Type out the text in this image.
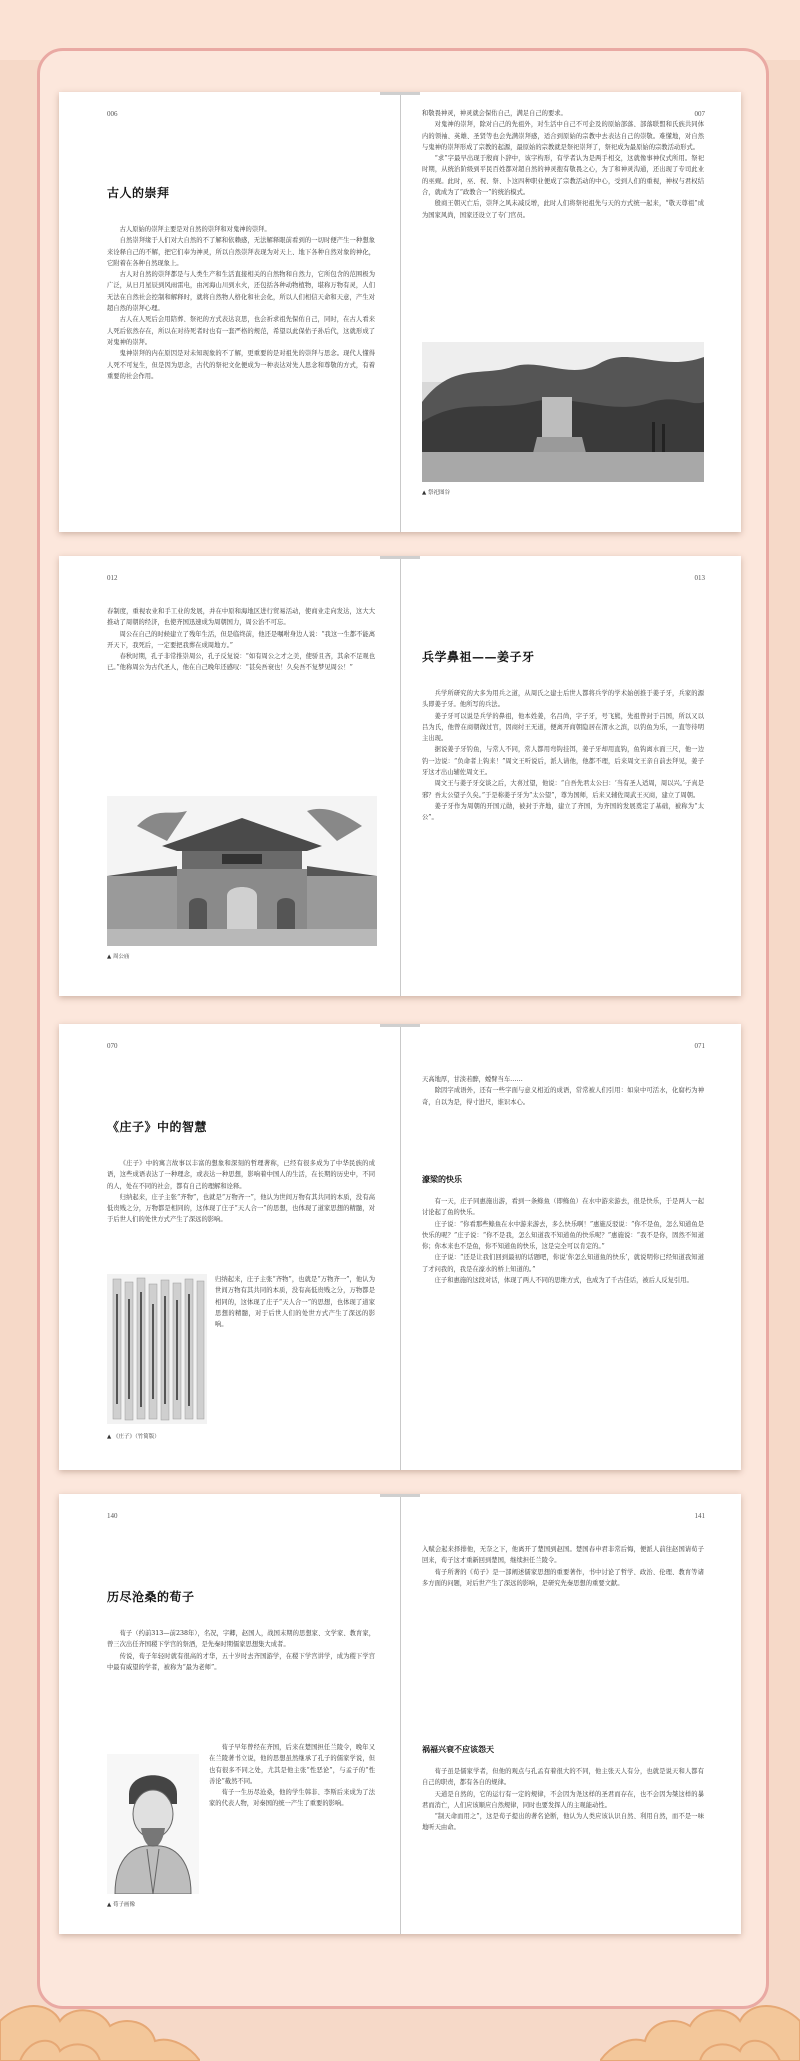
006
古人的崇拜

古人原始的崇拜主要是对自然的崇拜和对鬼神的崇拜。

自然崇拜缘于人们对大自然的不了解和依赖感，无法解释眼前看到的一切时便产生一种想象来诠释自己的不解，把它们奉为神灵，所以自然崇拜表现为对天上、地下各种自然对象的神化，它附着在各种自然现象上。

古人对自然的崇拜都是与人类生产和生活直接相关的自然物和自然力，它所包含的范围极为广泛，从日月星辰到风雨雷电，由河海山川到水火，还包括各种动物植物，堪称万物有灵，人们无法在自然社会控制和解释时，就将自然物人格化和社会化，所以人们相信天命和天意，产生对超自然的崇拜心理。

古人在人死后会用陪葬、祭祀的方式表达哀思，也会祈求祖先保佑自己，同时，在古人看来人死后依然存在，所以在对待死者时也有一套严格的规范，希望以此保佑子孙后代，这就形成了对鬼神的崇拜。

鬼神崇拜的内在原因是对未知现象的不了解，更重要的是对祖先的崇拜与思念。现代人懂得人死不可复生，但是因为思念，古代的祭祀文化便成为一种表达对先人思念和尊敬的方式，有着重要的社会作用。

007

和敬畏神灵，神灵就会保佑自己，满足自己的要求。

对鬼神的崇拜，除对自己的先祖外，对生活中自己不可企及的原始部落、部落联盟和氏族共同体内的领袖、英雄、圣贤等也会先满崇拜感，适合到原始的宗教中去表达自己的崇敬。难懂地，对自然与鬼神的崇拜形成了宗教的起源，最原始的宗教就是祭祀崇拜了，祭祀成为最原始的宗教活动形式。

“求”字最早出现于殷商卜辞中，该字构形，有学者认为是两手相交，这就像事神仪式所用。祭祀时期，从统治阶级到平民百姓都对超自然的神灵抱有敬畏之心，为了和神灵沟通，还出现了专司此业的巫觋。此时，巫、祝、祭、卜这四种职业便成了宗教活动的中心，受到人们的重视，神权与君权结合，就成为了“政教合一”的统治模式。

殷商王朝灭亡后，崇拜之风未减反增，此时人们将祭祀祖先与天的方式统一起来，“敬天尊祖”成为国家风尚，国家还设立了专门官员。

▲ 祭祀图谷
012

春制度，重视农业和手工业的发展，并在中原和海地区进行贸易活动，使商业走向发达，这大大推动了周朝的经济，也使齐国迅速成为周朝国力，周公治不可忘。

周公在自己的时候建立了残年生活，但是临终前，他还是嘱咐身边人说：“我这一生都不能离开天下，我死后，一定要把我葬在成周地方。”

春秋时期，孔子非常推崇周公，孔子反复说：“如有周公之才之美，使骄且吝，其余不足观也已。”他称周公为古代圣人，他在自己晚年还感叹：“甚矣吾衰也！久矣吾不复梦见周公！”

▲ 周公庙
013
兵学鼻祖——姜子牙

兵学所研究的大多为用兵之道，从周氏之建士后世人都将兵学的学术始创推于姜子牙，兵家的源头即姜子牙。他所写的兵法。

姜子牙可以说是兵学的鼻祖，他本姓姜，名吕尚，字子牙，号飞熊，先祖曾封于吕国，所以又以吕为氏，他曾在商朝做过官，因商纣王无道，便离开商朝隐居在渭水之滨，以钓鱼为乐，一直等待明主出现。

据说姜子牙钓鱼，与常人不同，常人都用弯钩挂饵，姜子牙却用直钩，鱼钩离水面三尺，他一边钓一边说：“负命者上钩来！”周文王听说后，派人请他，他都不理，后来周文王亲自前去拜见，姜子牙这才出山辅佐周文王。

周文王与姜子牙交谈之后，大喜过望，他说：“自吾先君太公曰：‘当有圣人适周，周以兴。’子真是邪？吾太公望子久矣。”于是称姜子牙为“太公望”，尊为国师，后来又辅佐周武王灭商，建立了周朝。

姜子牙作为周朝的开国元勋，被封于齐地，建立了齐国，为齐国的发展奠定了基础，被称为“太公”。

070
《庄子》中的智慧

《庄子》中的寓言故事以丰富的想象和深刻的哲理著称，已经有很多成为了中华民族的成语，这些成语表达了一种理念，或表达一种思想，影响着中国人的生活，在长期的历史中，不同的人，处在不同的社会，都有自己的理解和诠释。

归纳起来，庄子主张“齐物”，也就是“万物齐一”，他认为世间万物有其共同的本质，没有高低贵贱之分，万物都是相同的，这体现了庄子“天人合一”的思想，也体现了道家思想的精髓，对于后世人们的处世方式产生了深远的影响。

▲ 《庄子》（竹简版）

归纳起来，庄子主张“齐物”，也就是“万物齐一”，他认为世间万物有其共同的本质，没有高低贵贱之分，万物都是相同的，这体现了庄子“天人合一”的思想，也体现了道家思想的精髓，对于后世人们的处世方式产生了深远的影响。

071

天高地厚，甘淡若醉，螳臂当车……

除因字成语外，还有一些字面与意义相近的成语，常常被人们引用：如泉中可活水，化腐朽为神奇，自以为是，得寸进尺，谁识本心。

濠梁的快乐

有一天，庄子同惠施出游，看到一条鲦鱼（即鲦鱼）在水中游来游去，很是快乐，于是两人一起讨论起了鱼的快乐。

庄子说：“你看那些鲦鱼在水中游来游去，多么快乐啊！”惠施反驳说：“你不是鱼，怎么知道鱼是快乐的呢？”庄子说：“你不是我，怎么知道我不知道鱼的快乐呢？”惠施说：“我不是你，固然不知道你；你本来也不是鱼，你不知道鱼的快乐，这是完全可以肯定的。”

庄子说：“还是让我们回到最初的话题吧，你说‘你怎么知道鱼的快乐’，就说明你已经知道我知道了才问我的，我是在濠水的桥上知道的。”

庄子和惠施的这段对话，体现了两人不同的思维方式，也成为了千古佳话，被后人反复引用。

140
历尽沧桑的荀子

荀子（约前313—前238年），名况，字卿，赵国人，战国末期的思想家、文学家、教育家，曾三次出任齐国稷下学宫的祭酒，是先秦时期儒家思想集大成者。

传说，荀子年轻时就有很高的才华，五十岁时去齐国游学，在稷下学宫讲学，成为稷下学宫中最有威望的学者，被称为“最为老师”。

▲ 荀子画像

荀子早年曾经在齐国，后来在楚国担任兰陵令，晚年又在兰陵著书立说，他的思想虽然继承了孔子的儒家学说，但也有很多不同之处，尤其是他主张“性恶论”，与孟子的“性善论”截然不同。

荀子一生历尽沧桑，他的学生韩非、李斯后来成为了法家的代表人物，对秦国的统一产生了重要的影响。

141

入赋会起来择排他，无奈之下，他离开了楚国到赵国。楚国春申君非常后悔，便派人前往赵国请荀子回来，荀子这才重新回到楚国，继续担任兰陵令。

荀子所著的《荀子》是一部阐述儒家思想的重要著作，书中讨论了哲学、政治、伦理、教育等诸多方面的问题，对后世产生了深远的影响，是研究先秦思想的重要文献。

祸福兴衰不应该怨天

荀子虽是儒家学者，但他的观点与孔孟有着很大的不同，他主张天人有分，也就是说天和人都有自己的职责，都有各自的规律。

天道是自然的，它的运行有一定的规律，不会因为尧这样的圣君而存在，也不会因为桀这样的暴君而消亡，人们应该顺应自然规律，同时也要发挥人的主观能动性。

“制天命而用之”，这是荀子提出的著名论断，他认为人类应该认识自然、利用自然，而不是一味地听天由命。
